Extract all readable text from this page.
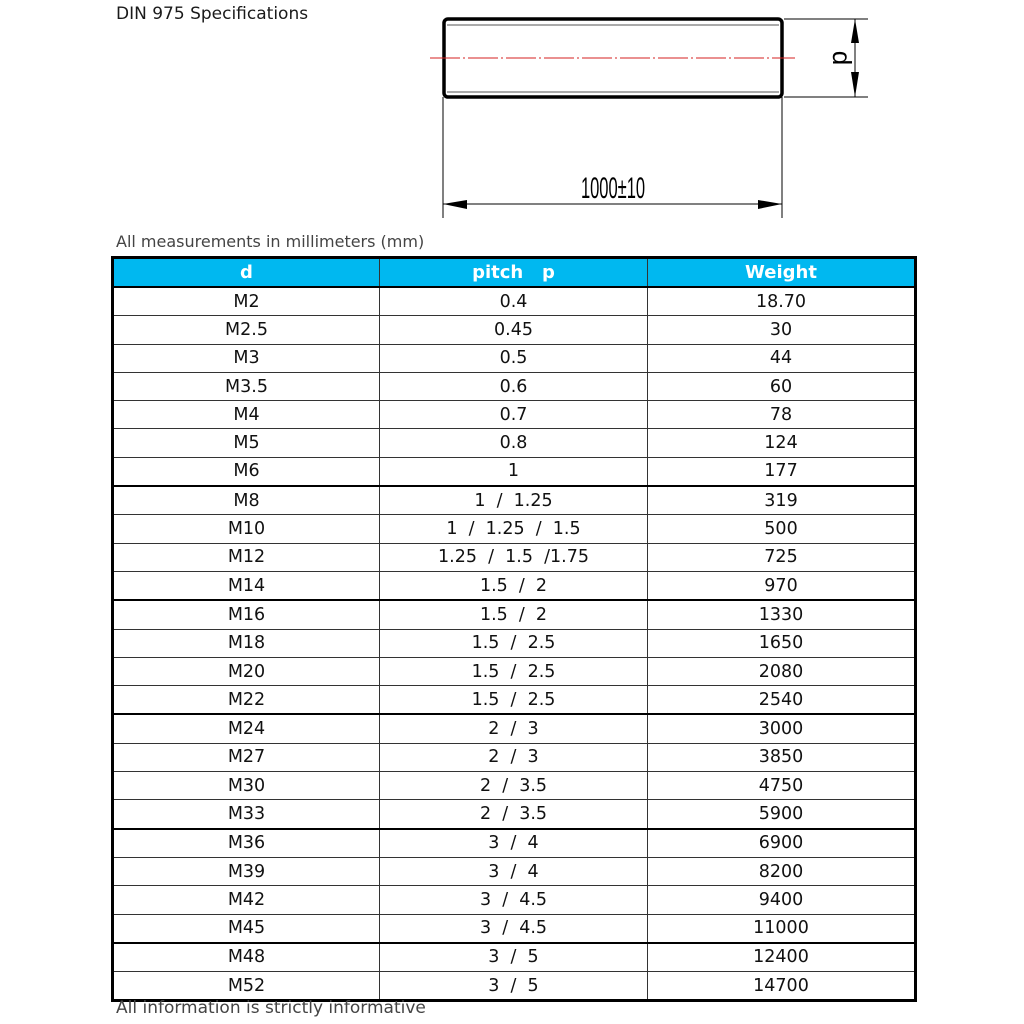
DIN 975 Specifications
d
1000±10
All measurements in millimeters (mm)
d	pitch   p	Weight
M2	0.4	18.70
M2.5	0.45	30
M3	0.5	44
M3.5	0.6	60
M4	0.7	78
M5	0.8	124
M6	1	177
M8	1  /  1.25	319
M10	1  /  1.25  /  1.5	500
M12	1.25  /  1.5  /1.75	725
M14	1.5  /  2	970
M16	1.5  /  2	1330
M18	1.5  /  2.5	1650
M20	1.5  /  2.5	2080
M22	1.5  /  2.5	2540
M24	2  /  3	3000
M27	2  /  3	3850
M30	2  /  3.5	4750
M33	2  /  3.5	5900
M36	3  /  4	6900
M39	3  /  4	8200
M42	3  /  4.5	9400
M45	3  /  4.5	11000
M48	3  /  5	12400
M52	3  /  5	14700
All information is strictly informative
